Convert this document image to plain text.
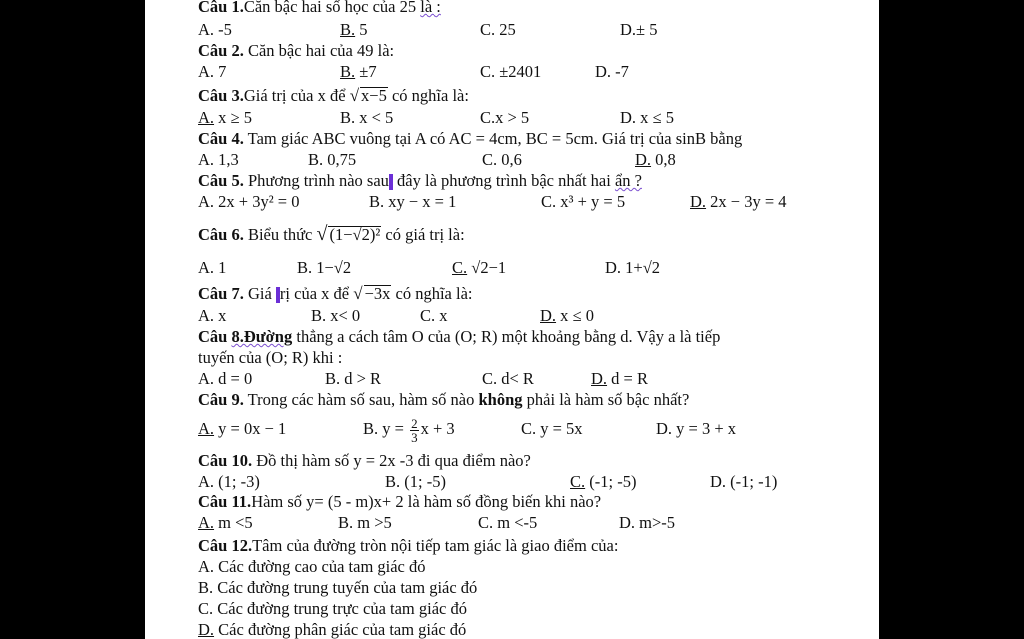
Câu 1.Căn bậc hai số học của 25 là :
A. -5	B. 5	C. 25	D.± 5
Câu 2. Căn bậc hai của 49 là:
A. 7	B. ±7	C. ±2401	D. -7
Câu 3.Giá trị của x để √ x−5 có nghĩa là:
A. x ≥ 5	B. x < 5	C.x > 5	D. x ≤ 5
Câu 4. Tam giác ABC vuông tại A có AC = 4cm, BC = 5cm. Giá trị của sinB bằng
A. 1,3	B. 0,75	C. 0,6	D. 0,8
Câu 5. Phương trình nào sau đây là phương trình bậc nhất hai ẩn ?
A. 2x + 3y² = 0	B. xy − x = 1	C. x³ + y = 5	D. 2x − 3y = 4
Câu 6. Biểu thức √ (1−√2)² có giá trị là:
A. 1	B. 1−√2	C. √2−1	D. 1+√2
Câu 7. Giá rị của x để √ −3x có nghĩa là:
A. x	B. x< 0	C. x	D. x ≤ 0
Câu 8.Đường thẳng a cách tâm O của (O; R) một khoảng bằng d. Vậy a là tiếp
tuyến của (O; R) khi :
A. d = 0	B. d > R	C. d< R	D. d = R
Câu 9. Trong các hàm số sau, hàm số nào không phải là hàm số bậc nhất?
A. y = 0x − 1	B. $y = \frac{2}{3}$ x + 3	C. y = 5x	D. y = 3 + x
Câu 10. Đồ thị hàm số y = 2x -3 đi qua điểm nào?
A. (1; -3)	B. (1; -5)	C. (-1; -5)	D. (-1; -1)
Câu 11.Hàm số y= (5 - m)x+ 2 là hàm số đồng biến khi nào?
A. m <5	B. m >5	C. m <-5	D. m>-5
Câu 12.Tâm của đường tròn nội tiếp tam giác là giao điểm của:
A. Các đường cao của tam giác đó
B. Các đường trung tuyến của tam giác đó
C. Các đường trung trực của tam giác đó
D. Các đường phân giác của tam giác đó
